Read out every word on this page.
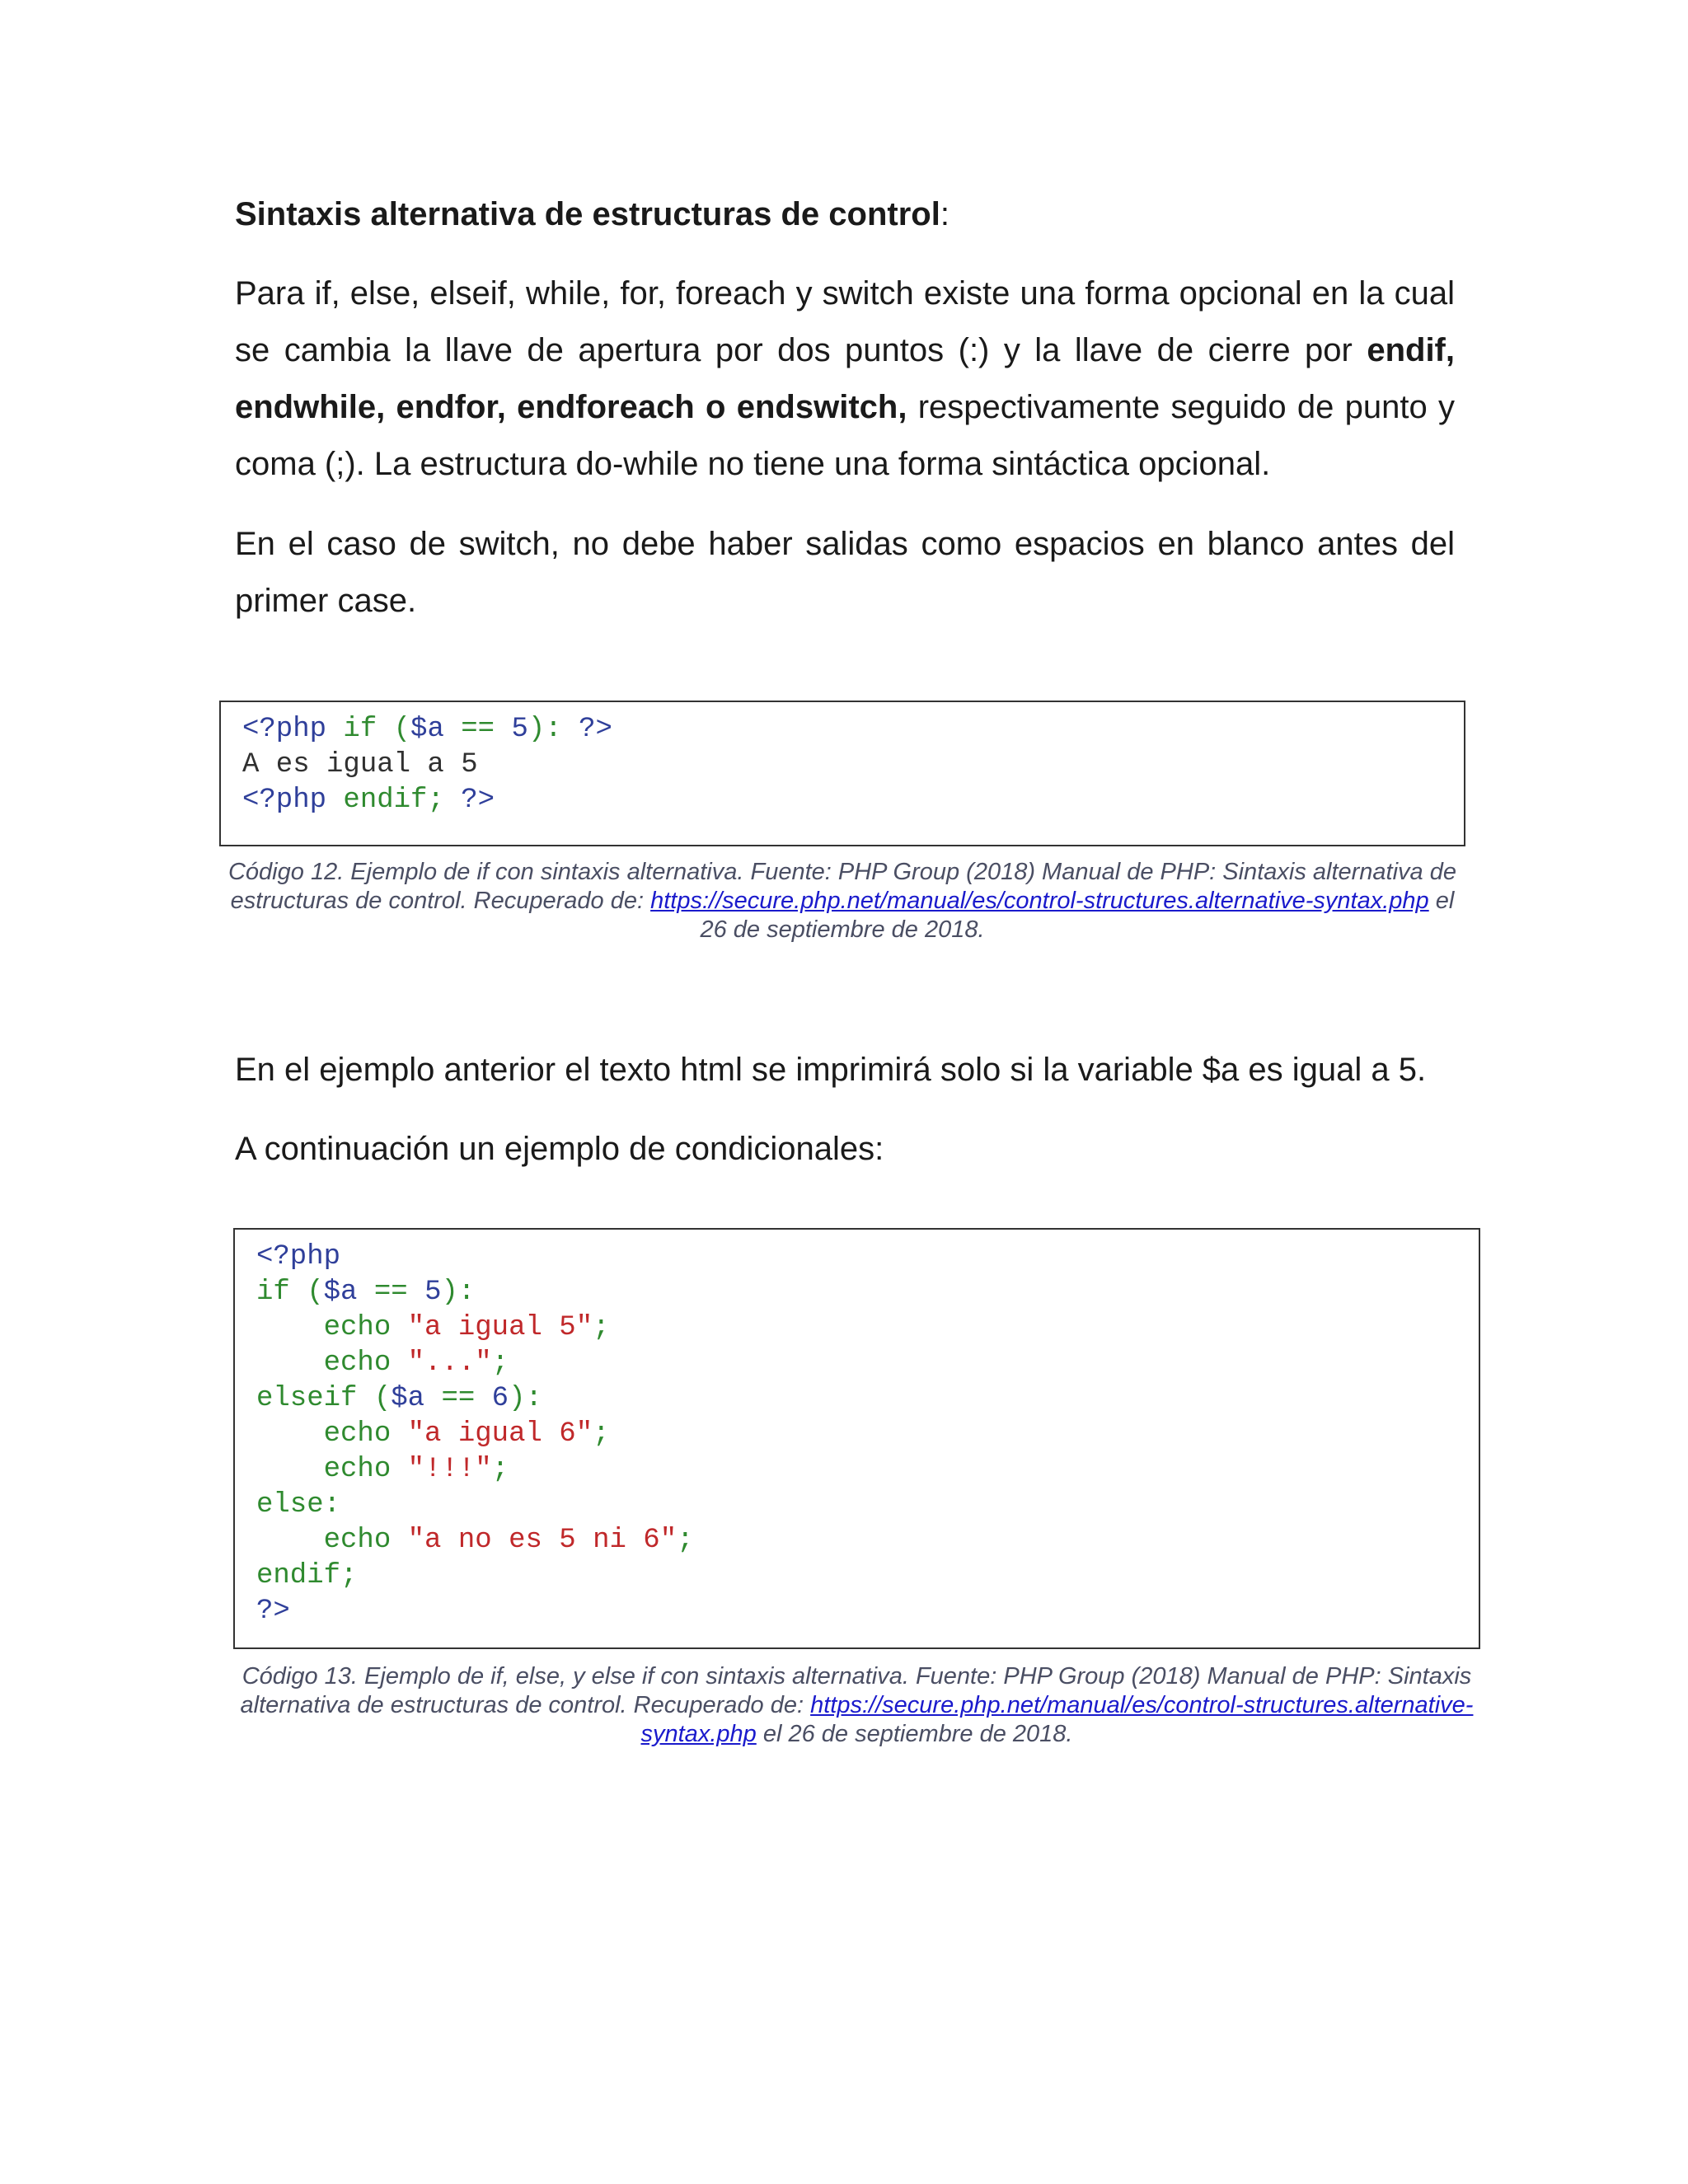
Sintaxis alternativa de estructuras de control:

Para if, else, elseif, while, for, foreach y switch existe una forma opcional en la cual se cambia la llave de apertura por dos puntos (:) y la llave de cierre por endif, endwhile, endfor, endforeach o endswitch, respectivamente seguido de punto y coma (;). La estructura do-while no tiene una forma sintáctica opcional.

En el caso de switch, no debe haber salidas como espacios en blanco antes del primer case.

<?php if ($a == 5): ?>
A es igual a 5
<?php endif; ?>

Código 12. Ejemplo de if con sintaxis alternativa. Fuente: PHP Group (2018) Manual de PHP: Sintaxis alternativa de estructuras de control. Recuperado de: https://secure.php.net/manual/es/control-structures.alternative-syntax.php el 26 de septiembre de 2018.

En el ejemplo anterior el texto html se imprimirá solo si la variable $a es igual a 5.

A continuación un ejemplo de condicionales:

<?php
if ($a == 5):
echo "a igual 5";
echo "...";
elseif ($a == 6):
echo "a igual 6";
echo "!!!";
else:
echo "a no es 5 ni 6";
endif;
?>

Código 13. Ejemplo de if, else, y else if con sintaxis alternativa. Fuente: PHP Group (2018) Manual de PHP: Sintaxis alternativa de estructuras de control. Recuperado de: https://secure.php.net/manual/es/control-structures.alternative-syntax.php el 26 de septiembre de 2018.
